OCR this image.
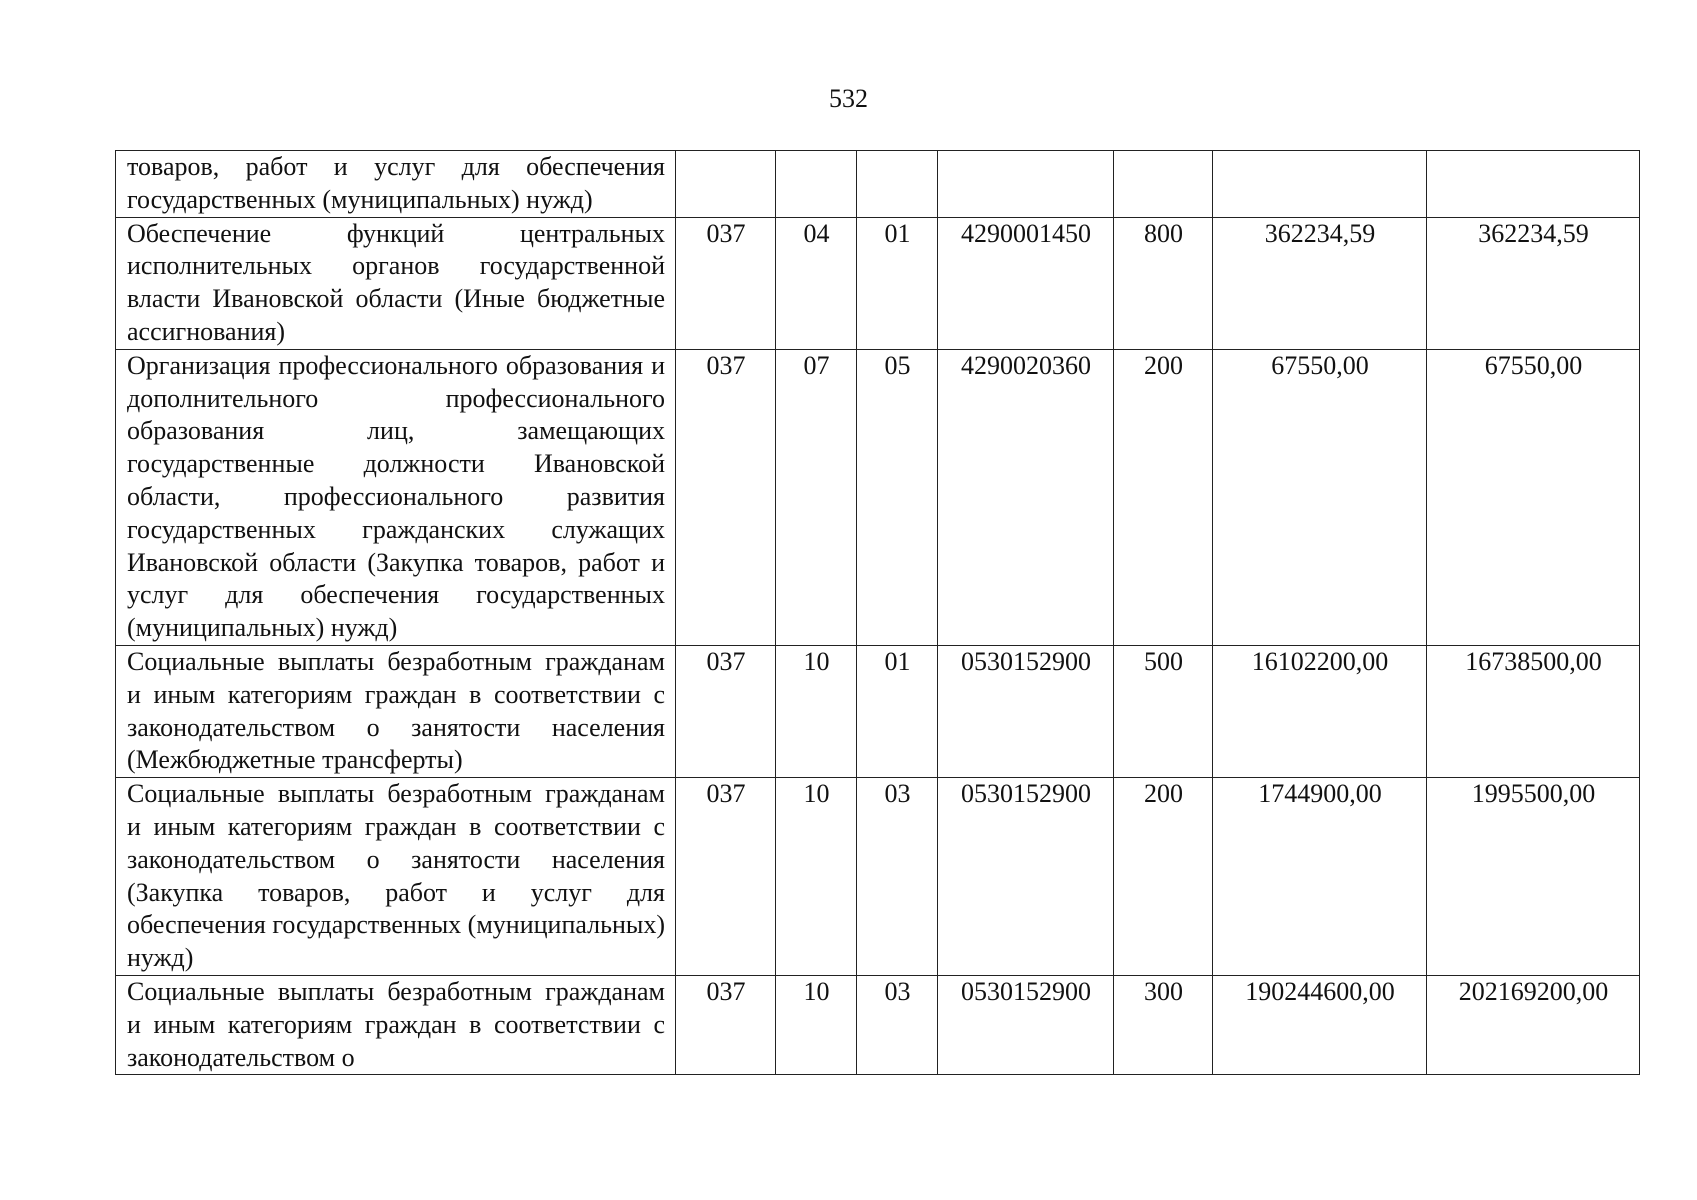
532
товаров, работ и услуг для обеспечения государственных (муниципальных) нужд)							
Обеспечение функций центральных исполнительных органов государственной власти Ивановской области (Иные бюджетные ассигнования)	037	04	01	4290001450	800	362234,59	362234,59
Организация профессионального образования и дополнительного профессионального образования лиц, замещающих государственные должности Ивановской области, профессионального развития государственных гражданских служащих Ивановской области (Закупка товаров, работ и услуг для обеспечения государственных (муниципальных) нужд)	037	07	05	4290020360	200	67550,00	67550,00
Социальные выплаты безработным гражданам и иным категориям граждан в соответствии с законодательством о занятости населения (Межбюджетные трансферты)	037	10	01	0530152900	500	16102200,00	16738500,00
Социальные выплаты безработным гражданам и иным категориям граждан в соответствии с законодательством о занятости населения (Закупка товаров, работ и услуг для обеспечения государственных (муниципальных) нужд)	037	10	03	0530152900	200	1744900,00	1995500,00
Социальные выплаты безработным гражданам и иным категориям граждан в соответствии с законодательством о	037	10	03	0530152900	300	190244600,00	202169200,00
